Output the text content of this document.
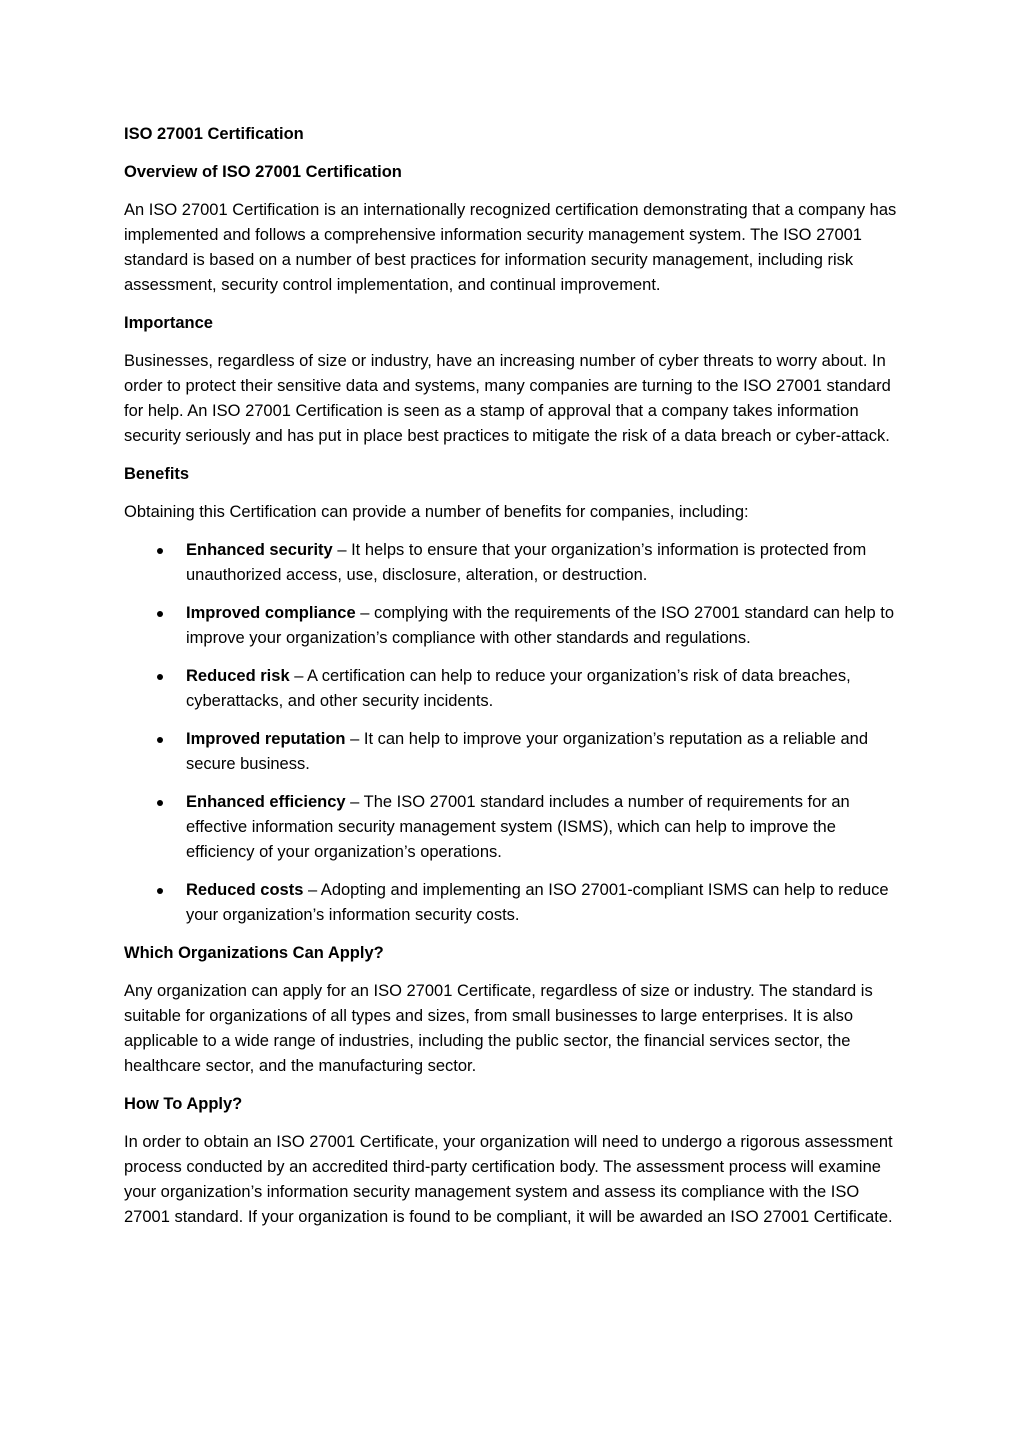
ISO 27001 Certification

Overview of ISO 27001 Certification

An ISO 27001 Certification is an internationally recognized certification demonstrating that a company has implemented and follows a comprehensive information security management system. The ISO 27001 standard is based on a number of best practices for information security management, including risk assessment, security control implementation, and continual improvement.

Importance

Businesses, regardless of size or industry, have an increasing number of cyber threats to worry about. In order to protect their sensitive data and systems, many companies are turning to the ISO 27001 standard for help. An ISO 27001 Certification is seen as a stamp of approval that a company takes information security seriously and has put in place best practices to mitigate the risk of a data breach or cyber-attack.

Benefits

Obtaining this Certification can provide a number of benefits for companies, including:

Enhanced security – It helps to ensure that your organization’s information is protected from unauthorized access, use, disclosure, alteration, or destruction.
Improved compliance – complying with the requirements of the ISO 27001 standard can help to improve your organization’s compliance with other standards and regulations.
Reduced risk – A certification can help to reduce your organization’s risk of data breaches, cyberattacks, and other security incidents.
Improved reputation – It can help to improve your organization’s reputation as a reliable and secure business.
Enhanced efficiency – The ISO 27001 standard includes a number of requirements for an effective information security management system (ISMS), which can help to improve the efficiency of your organization’s operations.
Reduced costs – Adopting and implementing an ISO 27001-compliant ISMS can help to reduce your organization’s information security costs.

Which Organizations Can Apply?

Any organization can apply for an ISO 27001 Certificate, regardless of size or industry. The standard is suitable for organizations of all types and sizes, from small businesses to large enterprises. It is also applicable to a wide range of industries, including the public sector, the financial services sector, the healthcare sector, and the manufacturing sector.

How To Apply?

In order to obtain an ISO 27001 Certificate, your organization will need to undergo a rigorous assessment process conducted by an accredited third-party certification body. The assessment process will examine your organization’s information security management system and assess its compliance with the ISO 27001 standard. If your organization is found to be compliant, it will be awarded an ISO 27001 Certificate.
